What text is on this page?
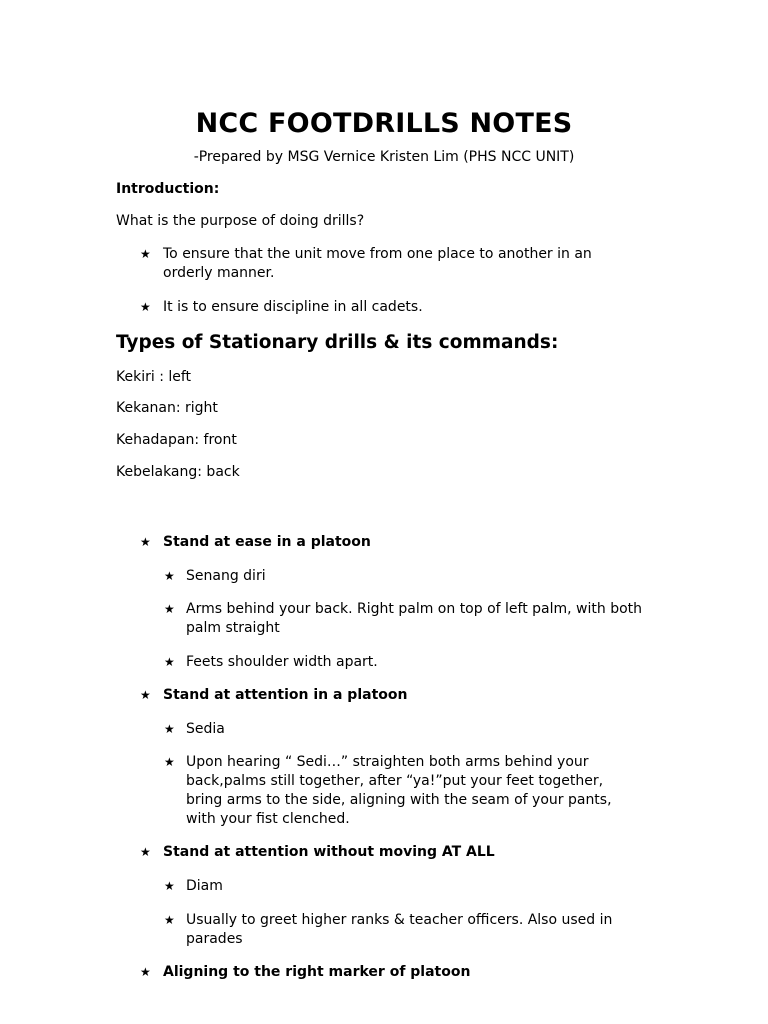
NCC FOOTDRILLS NOTES
-Prepared by MSG Vernice Kristen Lim (PHS NCC UNIT)
Introduction:
What is the purpose of doing drills?
★ To ensure that the unit move from one place to another in an
orderly manner.
★ It is to ensure discipline in all cadets.
Types of Stationary drills & its commands:
Kekiri : left
Kekanan: right
Kehadapan: front
Kebelakang: back
★ Stand at ease in a platoon
★ Senang diri
★ Arms behind your back. Right palm on top of left palm, with both
palm straight
★ Feets shoulder width apart.
★ Stand at attention in a platoon
★ Sedia
★ Upon hearing “ Sedi…” straighten both arms behind your
back,palms still together, after “ya!”put your feet together,
bring arms to the side, aligning with the seam of your pants,
with your fist clenched.
★ Stand at attention without moving AT ALL
★ Diam
★ Usually to greet higher ranks & teacher officers. Also used in
parades
★ Aligning to the right marker of platoon
